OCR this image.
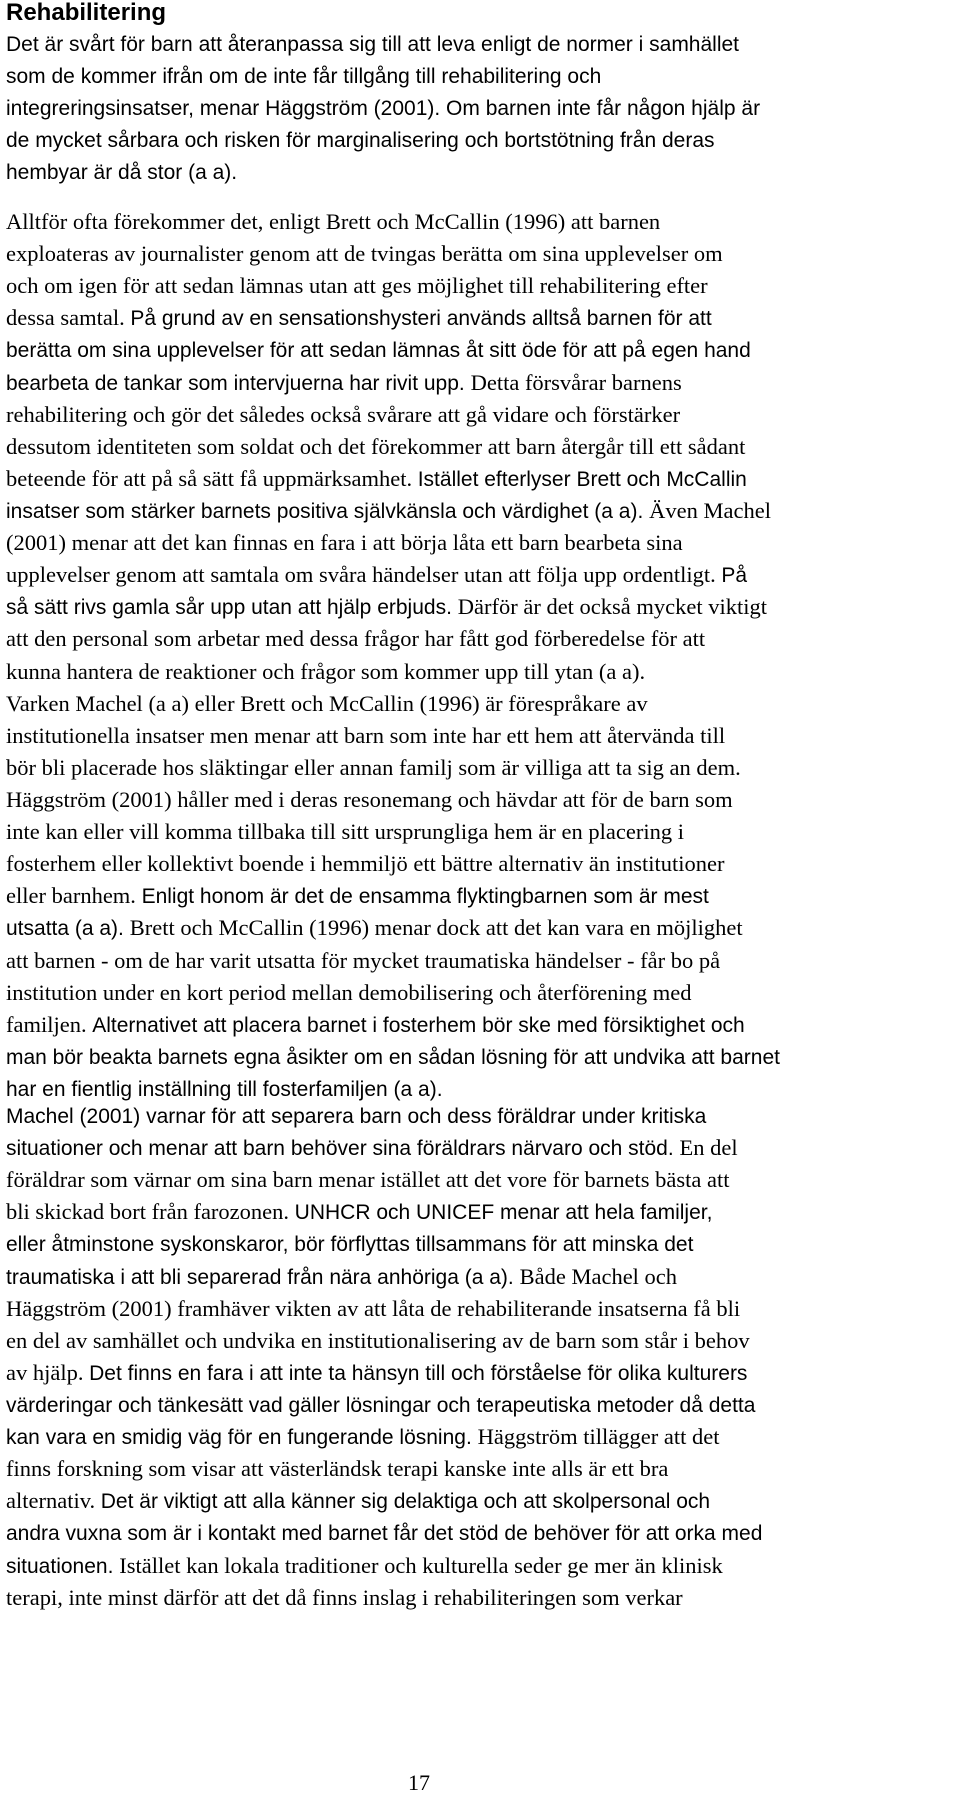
Rehabilitering
Det är svårt för barn att återanpassa sig till att leva enligt de normer i samhället
som de kommer ifrån om de inte får tillgång till rehabilitering och
integreringsinsatser, menar Häggström (2001). Om barnen inte får någon hjälp är
de mycket sårbara och risken för marginalisering och bortstötning från deras
hembyar är då stor (a a).
Alltför ofta förekommer det, enligt Brett och McCallin (1996) att barnen
exploateras av journalister genom att de tvingas berätta om sina upplevelser om
och om igen för att sedan lämnas utan att ges möjlighet till rehabilitering efter
dessa samtal. På grund av en sensationshysteri används alltså barnen för att
berätta om sina upplevelser för att sedan lämnas åt sitt öde för att på egen hand
bearbeta de tankar som intervjuerna har rivit upp. Detta försvårar barnens
rehabilitering och gör det således också svårare att gå vidare och förstärker
dessutom identiteten som soldat och det förekommer att barn återgår till ett sådant
beteende för att på så sätt få uppmärksamhet. Istället efterlyser Brett och McCallin
insatser som stärker barnets positiva självkänsla och värdighet (a a). Även Machel
(2001) menar att det kan finnas en fara i att börja låta ett barn bearbeta sina
upplevelser genom att samtala om svåra händelser utan att följa upp ordentligt. På
så sätt rivs gamla sår upp utan att hjälp erbjuds. Därför är det också mycket viktigt
att den personal som arbetar med dessa frågor har fått god förberedelse för att
kunna hantera de reaktioner och frågor som kommer upp till ytan (a a).
Varken Machel (a a) eller Brett och McCallin (1996) är förespråkare av
institutionella insatser men menar att barn som inte har ett hem att återvända till
bör bli placerade hos släktingar eller annan familj som är villiga att ta sig an dem.
Häggström (2001) håller med i deras resonemang och hävdar att för de barn som
inte kan eller vill komma tillbaka till sitt ursprungliga hem är en placering i
fosterhem eller kollektivt boende i hemmiljö ett bättre alternativ än institutioner
eller barnhem. Enligt honom är det de ensamma flyktingbarnen som är mest
utsatta (a a). Brett och McCallin (1996) menar dock att det kan vara en möjlighet
att barnen - om de har varit utsatta för mycket traumatiska händelser - får bo på
institution under en kort period mellan demobilisering och återförening med
familjen. Alternativet att placera barnet i fosterhem bör ske med försiktighet och
man bör beakta barnets egna åsikter om en sådan lösning för att undvika att barnet
har en fientlig inställning till fosterfamiljen (a a).
Machel (2001) varnar för att separera barn och dess föräldrar under kritiska
situationer och menar att barn behöver sina föräldrars närvaro och stöd. En del
föräldrar som värnar om sina barn menar istället att det vore för barnets bästa att
bli skickad bort från farozonen. UNHCR och UNICEF menar att hela familjer,
eller åtminstone syskonskaror, bör förflyttas tillsammans för att minska det
traumatiska i att bli separerad från nära anhöriga (a a). Både Machel och
Häggström (2001) framhäver vikten av att låta de rehabiliterande insatserna få bli
en del av samhället och undvika en institutionalisering av de barn som står i behov
av hjälp. Det finns en fara i att inte ta hänsyn till och förståelse för olika kulturers
värderingar och tänkesätt vad gäller lösningar och terapeutiska metoder då detta
kan vara en smidig väg för en fungerande lösning. Häggström tillägger att det
finns forskning som visar att västerländsk terapi kanske inte alls är ett bra
alternativ. Det är viktigt att alla känner sig delaktiga och att skolpersonal och
andra vuxna som är i kontakt med barnet får det stöd de behöver för att orka med
situationen. Istället kan lokala traditioner och kulturella seder ge mer än klinisk
terapi, inte minst därför att det då finns inslag i rehabiliteringen som verkar
17
